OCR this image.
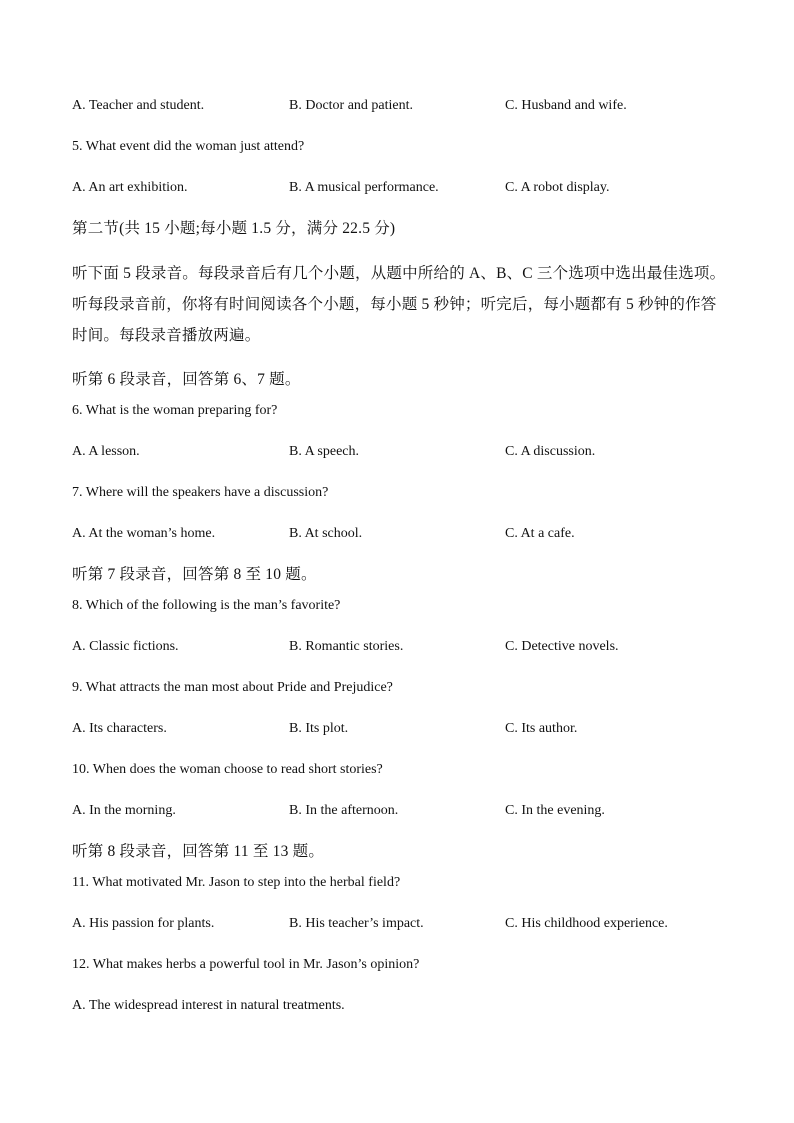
A. Teacher and student.	B. Doctor and patient.	C. Husband and wife.
5. What event did the woman just attend?
A. An art exhibition.	B. A musical performance.	C. A robot display.
第二节(共 15 小题;每小题 1.5 分，满分 22.5 分)
听下面 5 段录音。每段录音后有几个小题，从题中所给的 A、B、C 三个选项中选出最佳选项。
听每段录音前，你将有时间阅读各个小题，每小题 5 秒钟；听完后，每小题都有 5 秒钟的作答
时间。每段录音播放两遍。
听第 6 段录音，回答第 6、7 题。
6. What is the woman preparing for?
A. A lesson.	B. A speech.	C. A discussion.
7. Where will the speakers have a discussion?
A. At the woman’s home.	B. At school.	C. At a cafe.
听第 7 段录音，回答第 8 至 10 题。
8. Which of the following is the man’s favorite?
A. Classic fictions.	B. Romantic stories.	C. Detective novels.
9. What attracts the man most about Pride and Prejudice?
A. Its characters.	B. Its plot.	C. Its author.
10. When does the woman choose to read short stories?
A. In the morning.	B. In the afternoon.	C. In the evening.
听第 8 段录音，回答第 11 至 13 题。
11. What motivated Mr. Jason to step into the herbal field?
A. His passion for plants.	B. His teacher’s impact.	C. His childhood experience.
12. What makes herbs a powerful tool in Mr. Jason’s opinion?
A. The widespread interest in natural treatments.
